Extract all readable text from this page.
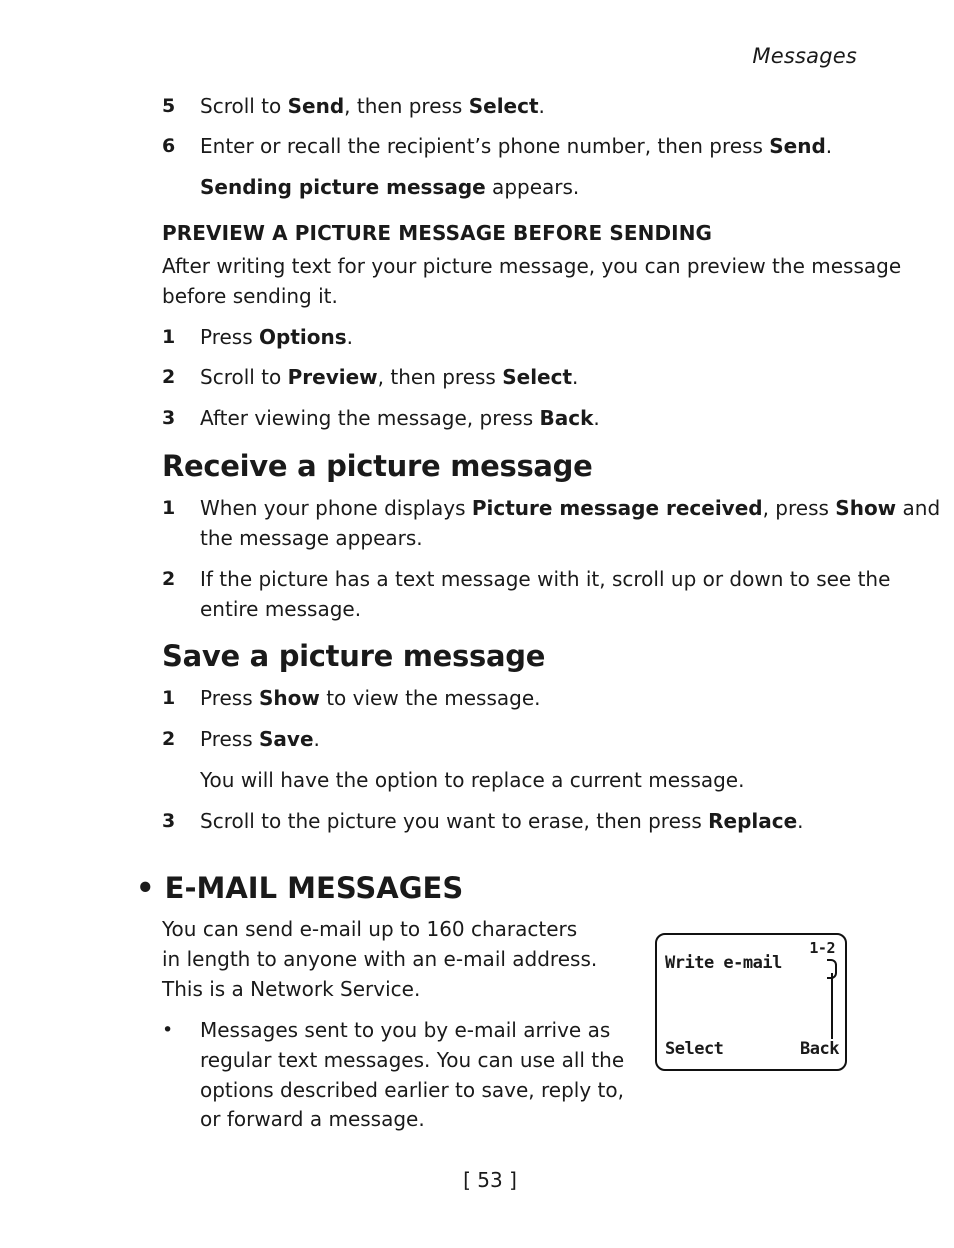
Messages
5 Scroll to Send, then press Select.
6 Enter or recall the recipient’s phone number, then press Send.
Sending picture message appears.
PREVIEW A PICTURE MESSAGE BEFORE SENDING
After writing text for your picture message, you can preview the message
before sending it.
1 Press Options.
2 Scroll to Preview, then press Select.
3 After viewing the message, press Back.
Receive a picture message
1 When your phone displays Picture message received, press Show and
the message appears.
2 If the picture has a text message with it, scroll up or down to see the
entire message.
Save a picture message
1 Press Show to view the message.
2 Press Save.
You will have the option to replace a current message.
3 Scroll to the picture you want to erase, then press Replace.
• E-MAIL MESSAGES
You can send e-mail up to 160 characters
in length to anyone with an e-mail address.
This is a Network Service.
• Messages sent to you by e-mail arrive as
regular text messages. You can use all the
options described earlier to save, reply to,
or forward a message.
1-2
Write e-mail
Select	Back
[ 53 ]
